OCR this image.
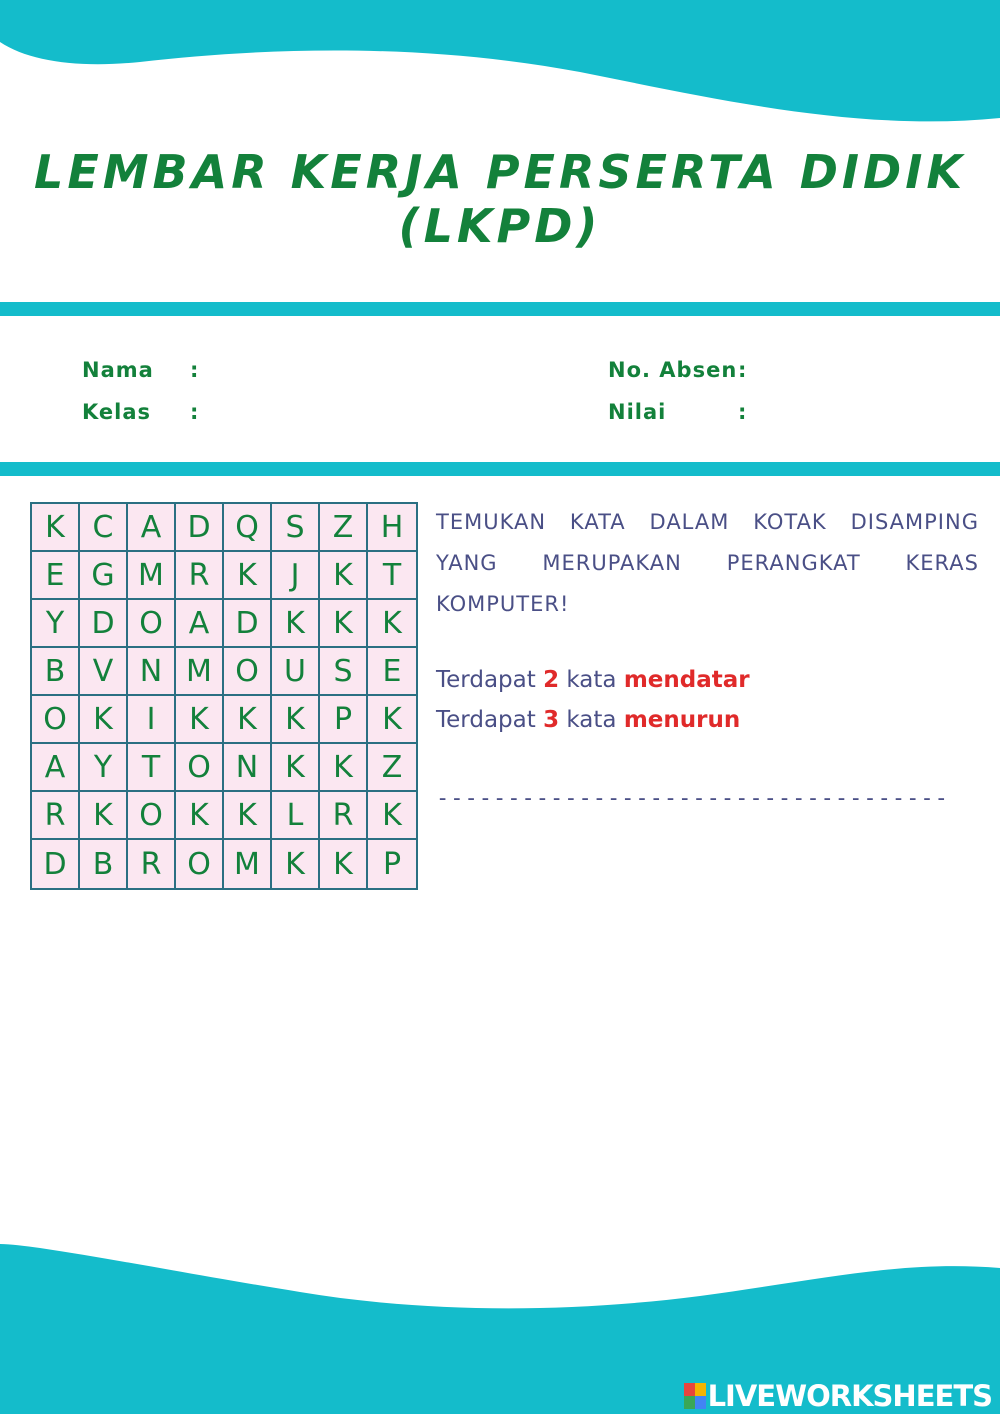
LEMBAR KERJA PERSERTA DIDIK
(LKPD)
Nama :
Kelas :
No. Absen :
Nilai	:
K C A D Q S Z H
E G M R K	J	K T
Y D O A D K K K
B V N M O U S	E
O K	I	K K K P	K
A Y T O N K K Z
R K O K K L R K
D B R O M K K	P
TEMUKAN KATA DALAM KOTAK DISAMPING YANG MERUPAKAN PERANGKAT KERAS KOMPUTER!
Terdapat 2 kata mendatar
Terdapat 3 kata menurun
------------------------------------
LIVEWORKSHEETS
